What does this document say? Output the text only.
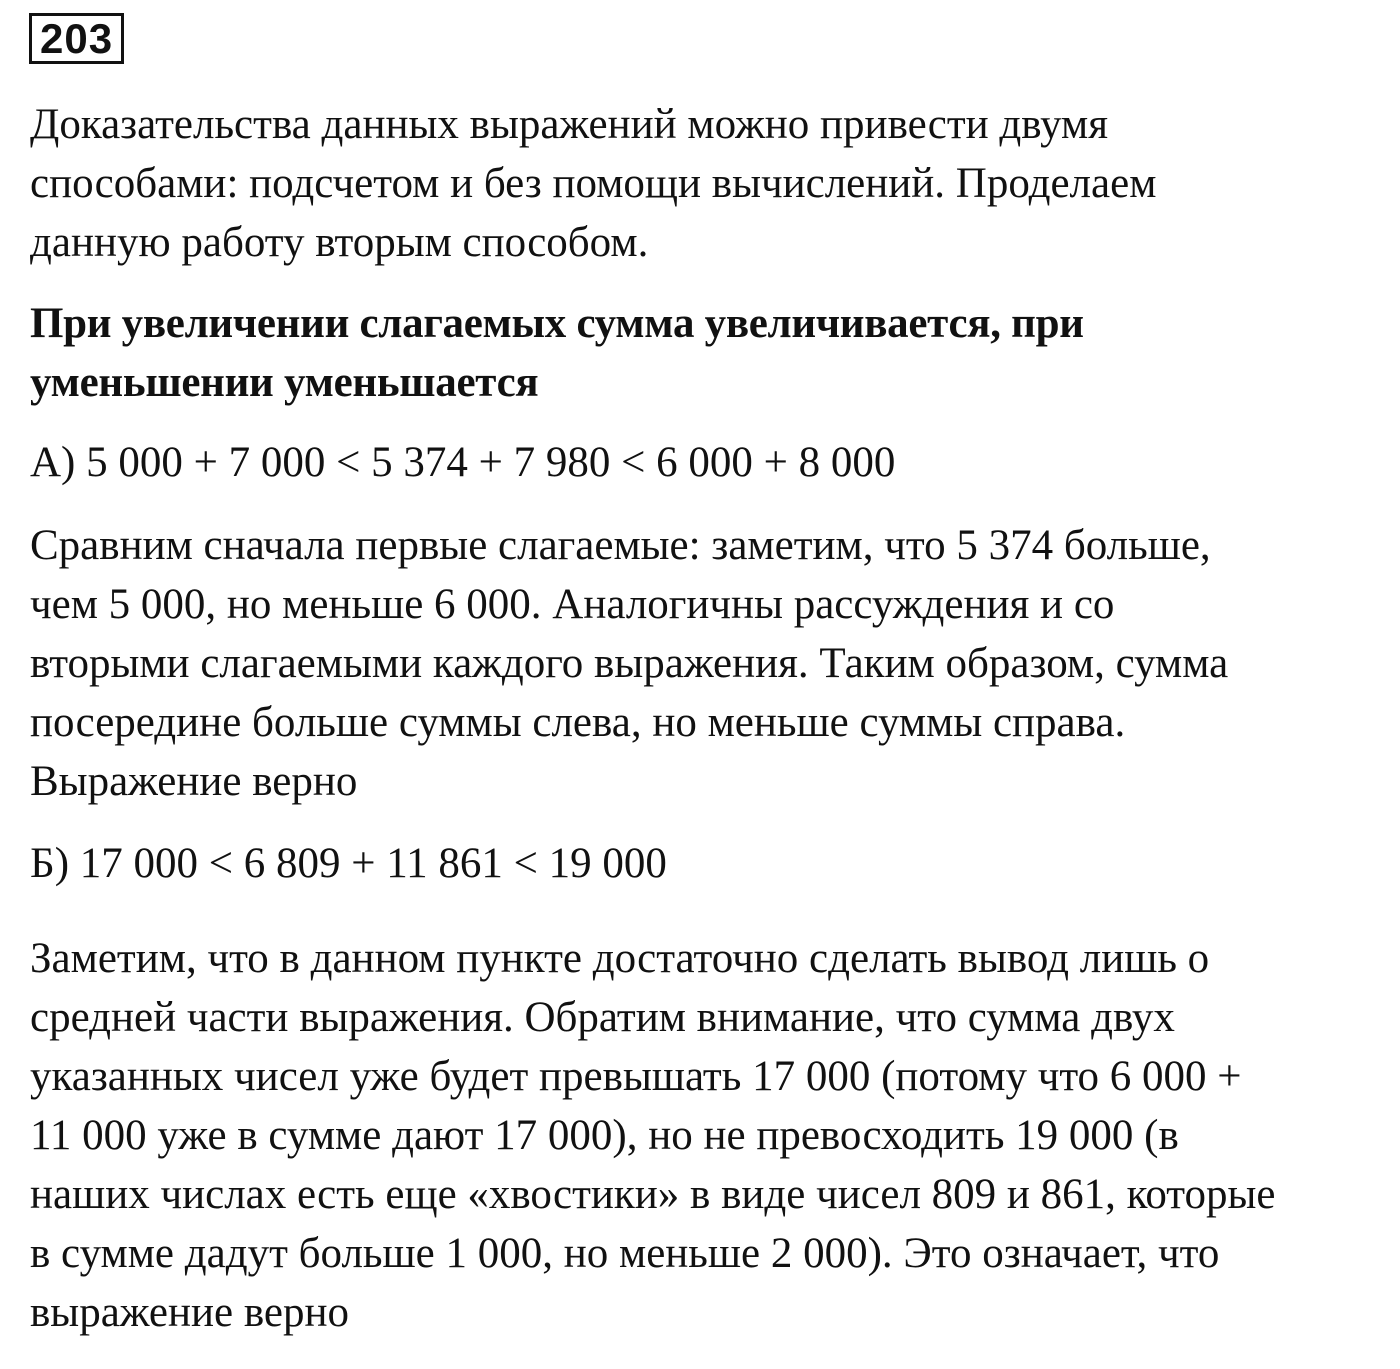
203
Доказательства данных выражений можно привести двумя
способами: подсчетом и без помощи вычислений. Проделаем
данную работу вторым способом.
При увеличении слагаемых сумма увеличивается, при
уменьшении уменьшается
А) 5 000 + 7 000 < 5 374 + 7 980 < 6 000 + 8 000
Сравним сначала первые слагаемые: заметим, что 5 374 больше,
чем 5 000, но меньше 6 000. Аналогичны рассуждения и со
вторыми слагаемыми каждого выражения. Таким образом, сумма
посередине больше суммы слева, но меньше суммы справа.
Выражение верно
Б) 17 000 < 6 809 + 11 861 < 19 000
Заметим, что в данном пункте достаточно сделать вывод лишь о
средней части выражения. Обратим внимание, что сумма двух
указанных чисел уже будет превышать 17 000 (потому что 6 000 +
11 000 уже в сумме дают 17 000), но не превосходить 19 000 (в
наших числах есть еще «хвостики» в виде чисел 809 и 861, которые
в сумме дадут больше 1 000, но меньше 2 000). Это означает, что
выражение верно
